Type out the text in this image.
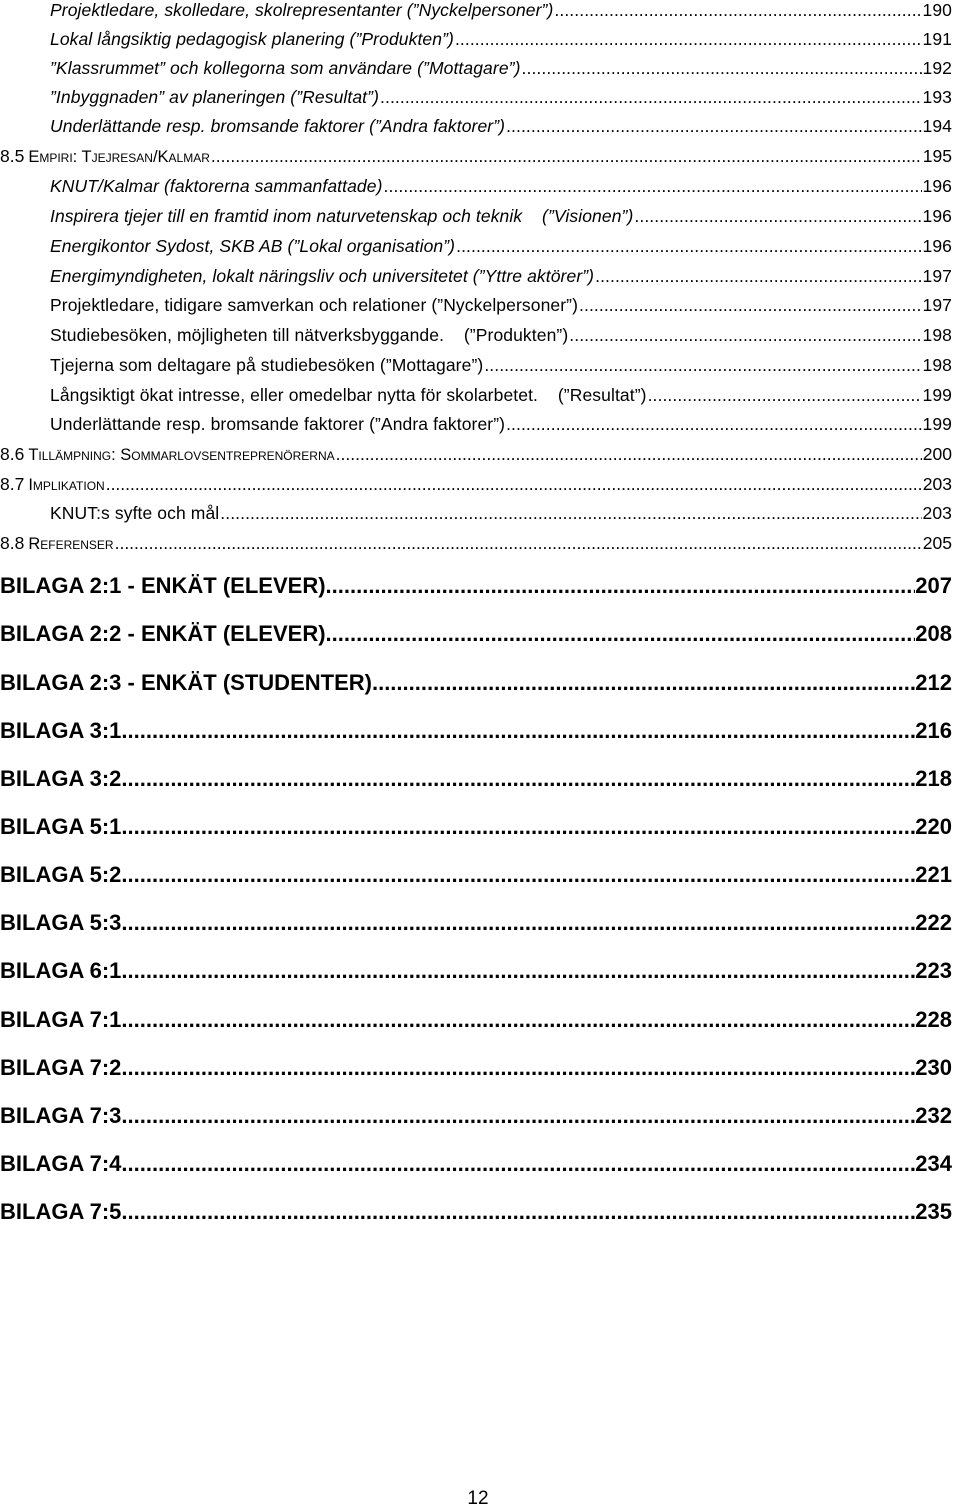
Projektledare, skolledare, skolrepresentanter (”Nyckelpersoner”) .....	190
Lokal långsiktig pedagogisk planering (”Produkten”) .....	191
”Klassrummet” och kollegorna som användare (”Mottagare”) .....	192
”Inbyggnaden” av planeringen (”Resultat”) .....	193
Underlättande resp. bromsande faktorer (”Andra faktorer”) .....	194
8.5 Empiri: Tjejresan/Kalmar .....	195
KNUT/Kalmar (faktorerna sammanfattade) .....	196
Inspirera tjejer till en framtid inom naturvetenskap och teknik    (”Visionen”) .....	196
Energikontor Sydost, SKB AB (”Lokal organisation”) .....	196
Energimyndigheten, lokalt näringsliv och universitetet (”Yttre aktörer”) .....	197
Projektledare, tidigare samverkan och relationer (”Nyckelpersoner”) .....	197
Studiebesöken, möjligheten till nätverksbyggande.    (”Produkten”) .....	198
Tjejerna som deltagare på studiebesöken (”Mottagare”) .....	198
Långsiktigt ökat intresse, eller omedelbar nytta för skolarbetet.    (”Resultat”) .....	199
Underlättande resp. bromsande faktorer (”Andra faktorer”) .....	199
8.6 Tillämpning: Sommarlovsentreprenörerna .....	200
8.7 Implikation .....	203
KNUT:s syfte och mål .....	203
8.8 Referenser .....	205
BILAGA 2:1 - ENKÄT (ELEVER) .....	207
BILAGA 2:2 - ENKÄT (ELEVER) .....	208
BILAGA 2:3 - ENKÄT (STUDENTER) .....	212
BILAGA 3:1 .....	216
BILAGA 3:2 .....	218
BILAGA 5:1 .....	220
BILAGA 5:2 .....	221
BILAGA 5:3 .....	222
BILAGA 6:1 .....	223
BILAGA 7:1 .....	228
BILAGA 7:2 .....	230
BILAGA 7:3 .....	232
BILAGA 7:4 .....	234
BILAGA 7:5 .....	235
12
